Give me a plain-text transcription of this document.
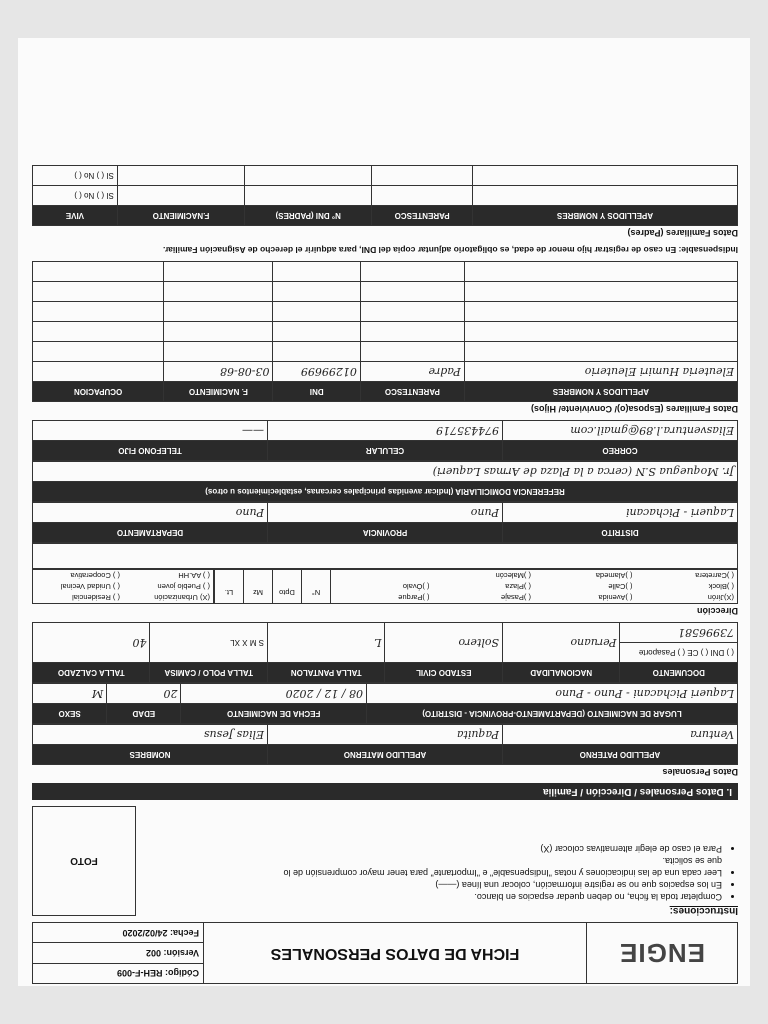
ENGIE
FICHA DE DATOS PERSONALES
Código: REH-F-009
Versión: 002
Fecha: 24/02/2020
Instrucciones:
• Completar toda la ficha, no deben quedar espacios en blanco.
• En los espacios que no se registre información, colocar una línea (——)
• Leer cada una de las indicaciones y notas "Indispensable" e "Importante" para tener mayor comprensión de lo que se solicita.
• Para el caso de elegir alternativas colocar (X)
FOTO
I. Datos Personales / Dirección / Familia
Datos Personales
APELLIDO PATERNO	APELLIDO MATERNO	NOMBRES
Ventura	Paquita	Elias Jesus
LUGAR DE NACIMIENTO (DEPARTAMENTO-PROVINCIA - DISTRITO)	FECHA DE NACIMIENTO	EDAD	SEXO
Laqueri Pichacani - Puno - Puno	08 / 12 / 2020	20	M
DOCUMENTO	NACIONALIDAD	ESTADO CIVIL	TALLA PANTALON	TALLA POLO / CAMISA	TALLA CALZADO
( ) DNI ( ) CE ( ) Pasaporte	Peruano	Soltero	L	S M X XL	40
73996581					
Dirección
(X)Jirón	( )Avenida	( )Pasaje	( )Parque
( )Block	( )Calle	( )Plaza	( )Óvalo
( )Carretera	( )Alameda	( )Malecón	
N°
Dpto
Mz
Lt.
(X) Urbanización	( ) Residencial
( ) Pueblo joven	( ) Unidad Vecinal
( ) AA.HH	( ) Cooperativa
DISTRITO	PROVINCIA	DEPARTAMENTO
Laqueri - Pichacani	Puno	Puno
REFERENCIA DOMICILIARIA (Indicar avenidas principales cercanas, establecimientos u otros)
Jr. Moquegua S.N (cerca a la Plaza de Armas Laqueri)
CORREO	CELULAR	TELEFONO FIJO
Eliasventura.l.89@gmail.com	974435719	——
Datos Familiares (Esposa(o)/ Conviviente/ Hijos)
APELLIDOS Y NOMBRES	PARENTESCO	DNI	F. NACIMIENTO	OCUPACION
Eleuteria Humiri Eleuterio	Padre	01299699	03-08-68	

Indispensable: En caso de registrar hijo menor de edad, es obligatorio adjuntar copia del DNI, para adquirir el derecho de Asignación Familiar.
Datos Familiares (Padres)
APELLIDOS Y NOMBRES	PARENTESCO	N° DNI (PADRES)	F.NACIMIENTO	VIVE
				SI ( ) No ( )
				SI ( ) No ( )
